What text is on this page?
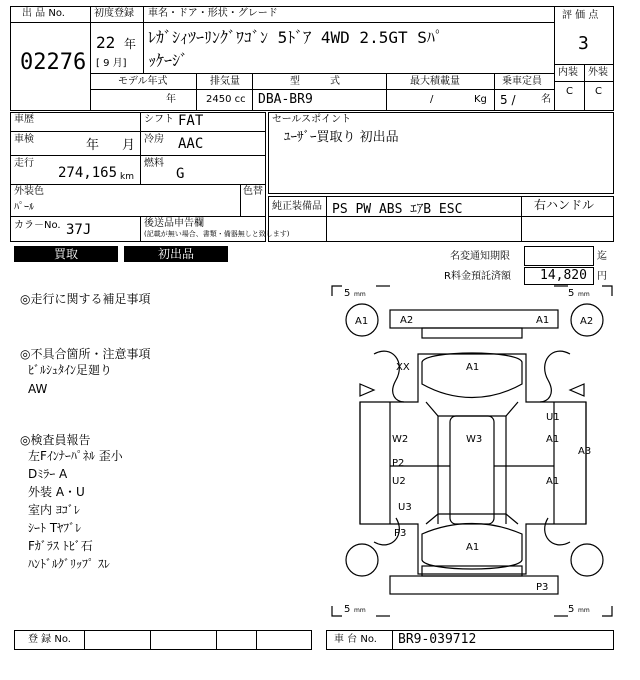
出 品 No.
02276
初度登録
22 年
[ 9 月]
車名・ドア・形状・グレード
ﾚｶﾞｼｨﾂｰﾘﾝｸﾞﾜｺﾞﾝ 5ﾄﾞｱ 4WD 2.5GT Sﾊﾟ
ｯｹｰｼﾞ
モデル年式
年
排気量
2450 cc
型　　　式
DBA-BR9
最大積載量
/	Kg
乗車定員
5 /	名
評 価 点
3
内装 外装
C C
車歴	シフト FAT
車検	年 月 冷房 AAC
走行
274,165 km
燃料
G
外装色
ﾊﾟｰﾙ
色替
カラ－No. 37J	後送品申告欄
(記載が無い場合、書類・備器無しと致します)
セールスポイント
ﾕｰｻﾞｰ買取り 初出品
純正装備品 PS PW ABS ｴｱB ESC	右ハンドル
買取	初出品	名変通知期限	迄
R料金預託済額 14,820 円
◎走行に関する補足事項
◎不具合箇所・注意事項
ﾋﾞﾙｼｭﾀｲﾝ足廻り
AW
◎検査員報告
左Fｲﾝﾅｰﾊﾟﾈﾙ 歪小
Dﾐﾗｰ A
外装 A・U
室内 ﾖｺﾞﾚ
ｼｰﾄ Tﾔﾌﾞﾚ
Fｶﾞﾗｽ ﾄﾋﾞ石
ﾊﾝﾄﾞﾙｸﾞﾘｯﾌﾟ ｽﾚ
5 mm	5 mm
5 mm	5 mm
A1	A2
A2	A1
XX	A1
W2	W3
U1
A1
A3
P2
U2	A1
U3
P3
A1
P3
登 録 No.	車 台 No. BR9-039712
